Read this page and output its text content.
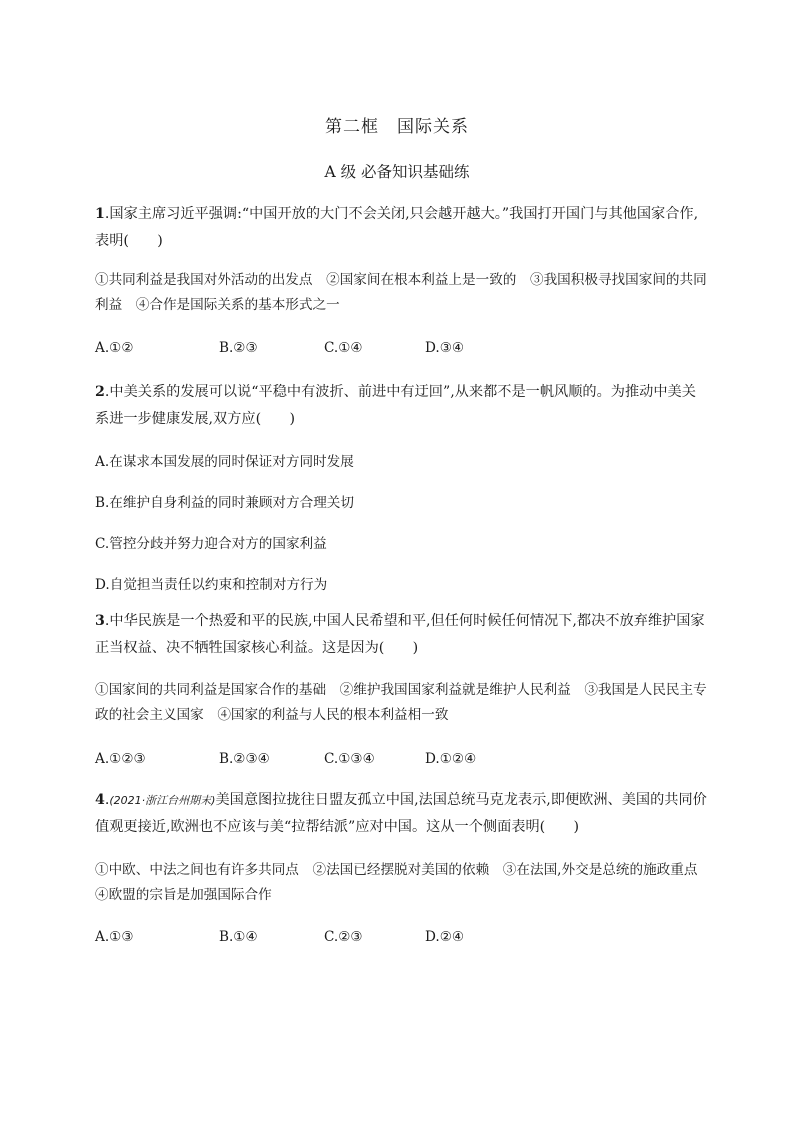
第二框　国际关系
A 级 必备知识基础练
1.国家主席习近平强调:“中国开放的大门不会关闭,只会越开越大。”我国打开国门与其他国家合作,表明(　　)
①共同利益是我国对外活动的出发点　②国家间在根本利益上是一致的　③我国积极寻找国家间的共同利益　④合作是国际关系的基本形式之一
A.①②	B.②③	C.①④	D.③④
2.中美关系的发展可以说“平稳中有波折、前进中有迂回”,从来都不是一帆风顺的。为推动中美关系进一步健康发展,双方应(　　)
A.在谋求本国发展的同时保证对方同时发展
B.在维护自身利益的同时兼顾对方合理关切
C.管控分歧并努力迎合对方的国家利益
D.自觉担当责任以约束和控制对方行为
3.中华民族是一个热爱和平的民族,中国人民希望和平,但任何时候任何情况下,都决不放弃维护国家正当权益、决不牺牲国家核心利益。这是因为(　　)
①国家间的共同利益是国家合作的基础　②维护我国国家利益就是维护人民利益　③我国是人民民主专政的社会主义国家　④国家的利益与人民的根本利益相一致
A.①②③	B.②③④	C.①③④	D.①②④
4.(2021·浙江台州期末)美国意图拉拢往日盟友孤立中国,法国总统马克龙表示,即便欧洲、美国的共同价值观更接近,欧洲也不应该与美“拉帮结派”应对中国。这从一个侧面表明(　　)
①中欧、中法之间也有许多共同点　②法国已经摆脱对美国的依赖　③在法国,外交是总统的施政重点　④欧盟的宗旨是加强国际合作
A.①③	B.①④	C.②③	D.②④
